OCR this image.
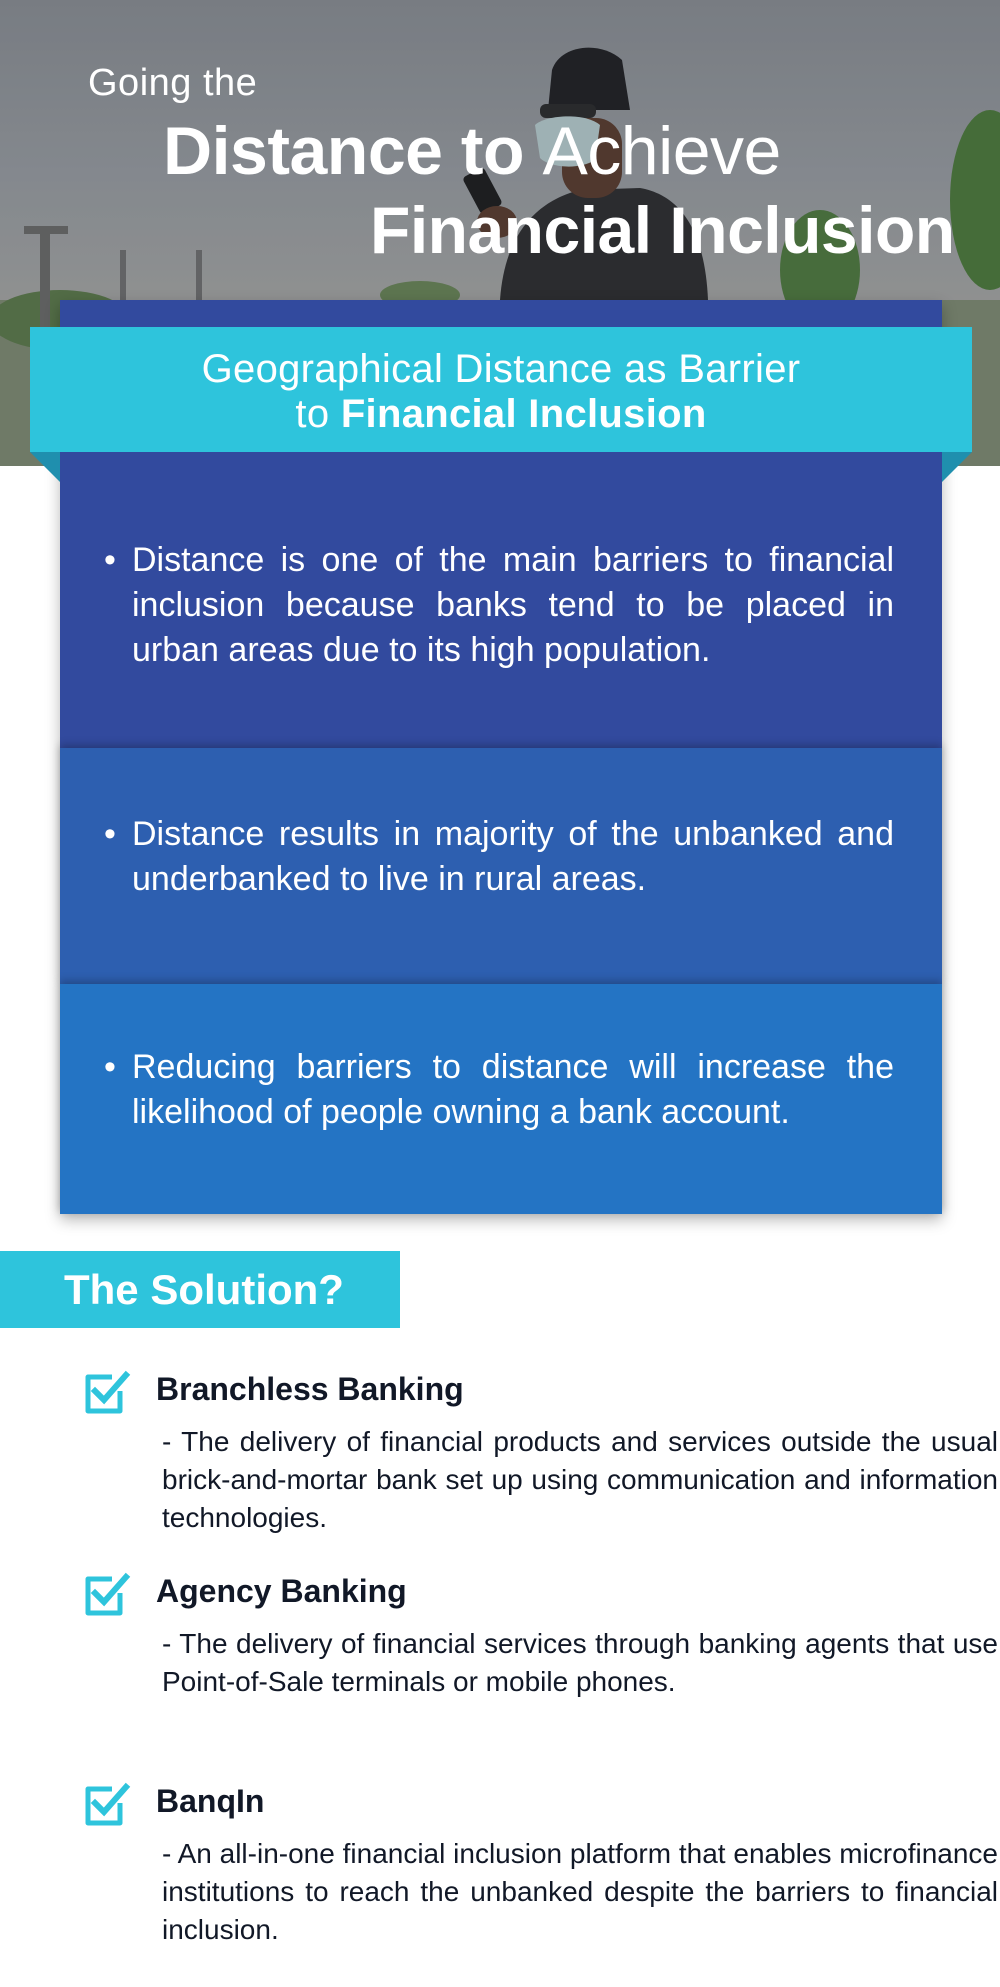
Going the
Distance to Achieve
Financial Inclusion
Geographical Distance as Barrier
to Financial Inclusion
• Distance is one of the main barriers to financial inclusion because banks tend to be placed in urban areas due to its high population.
• Distance results in majority of the unbanked and underbanked to live in rural areas.
• Reducing barriers to distance will increase the likelihood of people owning a bank account.
The Solution?
Branchless Banking
- The delivery of financial products and services outside the usual brick-and-mortar bank set up using communication and information technologies.
Agency Banking
- The delivery of financial services through banking agents that use Point-of-Sale terminals or mobile phones.
BanqIn
- An all-in-one financial inclusion platform that enables microfinance institutions to reach the unbanked despite the barriers to financial inclusion.
